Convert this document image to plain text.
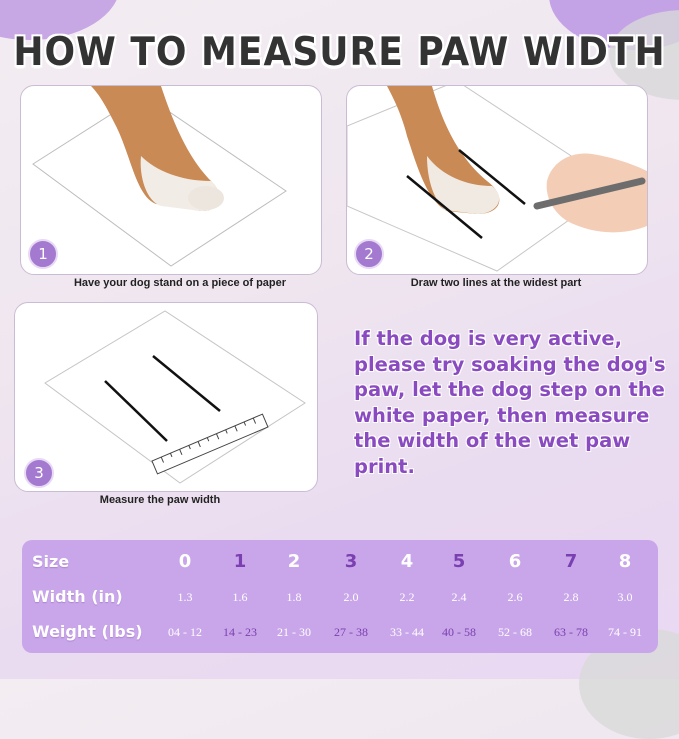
HOW TO MEASURE PAW WIDTH
1
Have your dog stand on a piece of paper
2
Draw two lines at the widest part
3
Measure the paw width
If the dog is very active, please try soaking the dog's paw, let the dog step on the white paper, then measure the width of the wet paw print.
Size	0	1	2	3	4	5	6	7	8
Width (in)	1.3	1.6	1.8	2.0	2.2	2.4	2.6	2.8	3.0
Weight (lbs)	04 - 12	14 - 23	21 - 30	27 - 38	33 - 44	40 - 58	52 - 68	63 - 78	74 - 91
